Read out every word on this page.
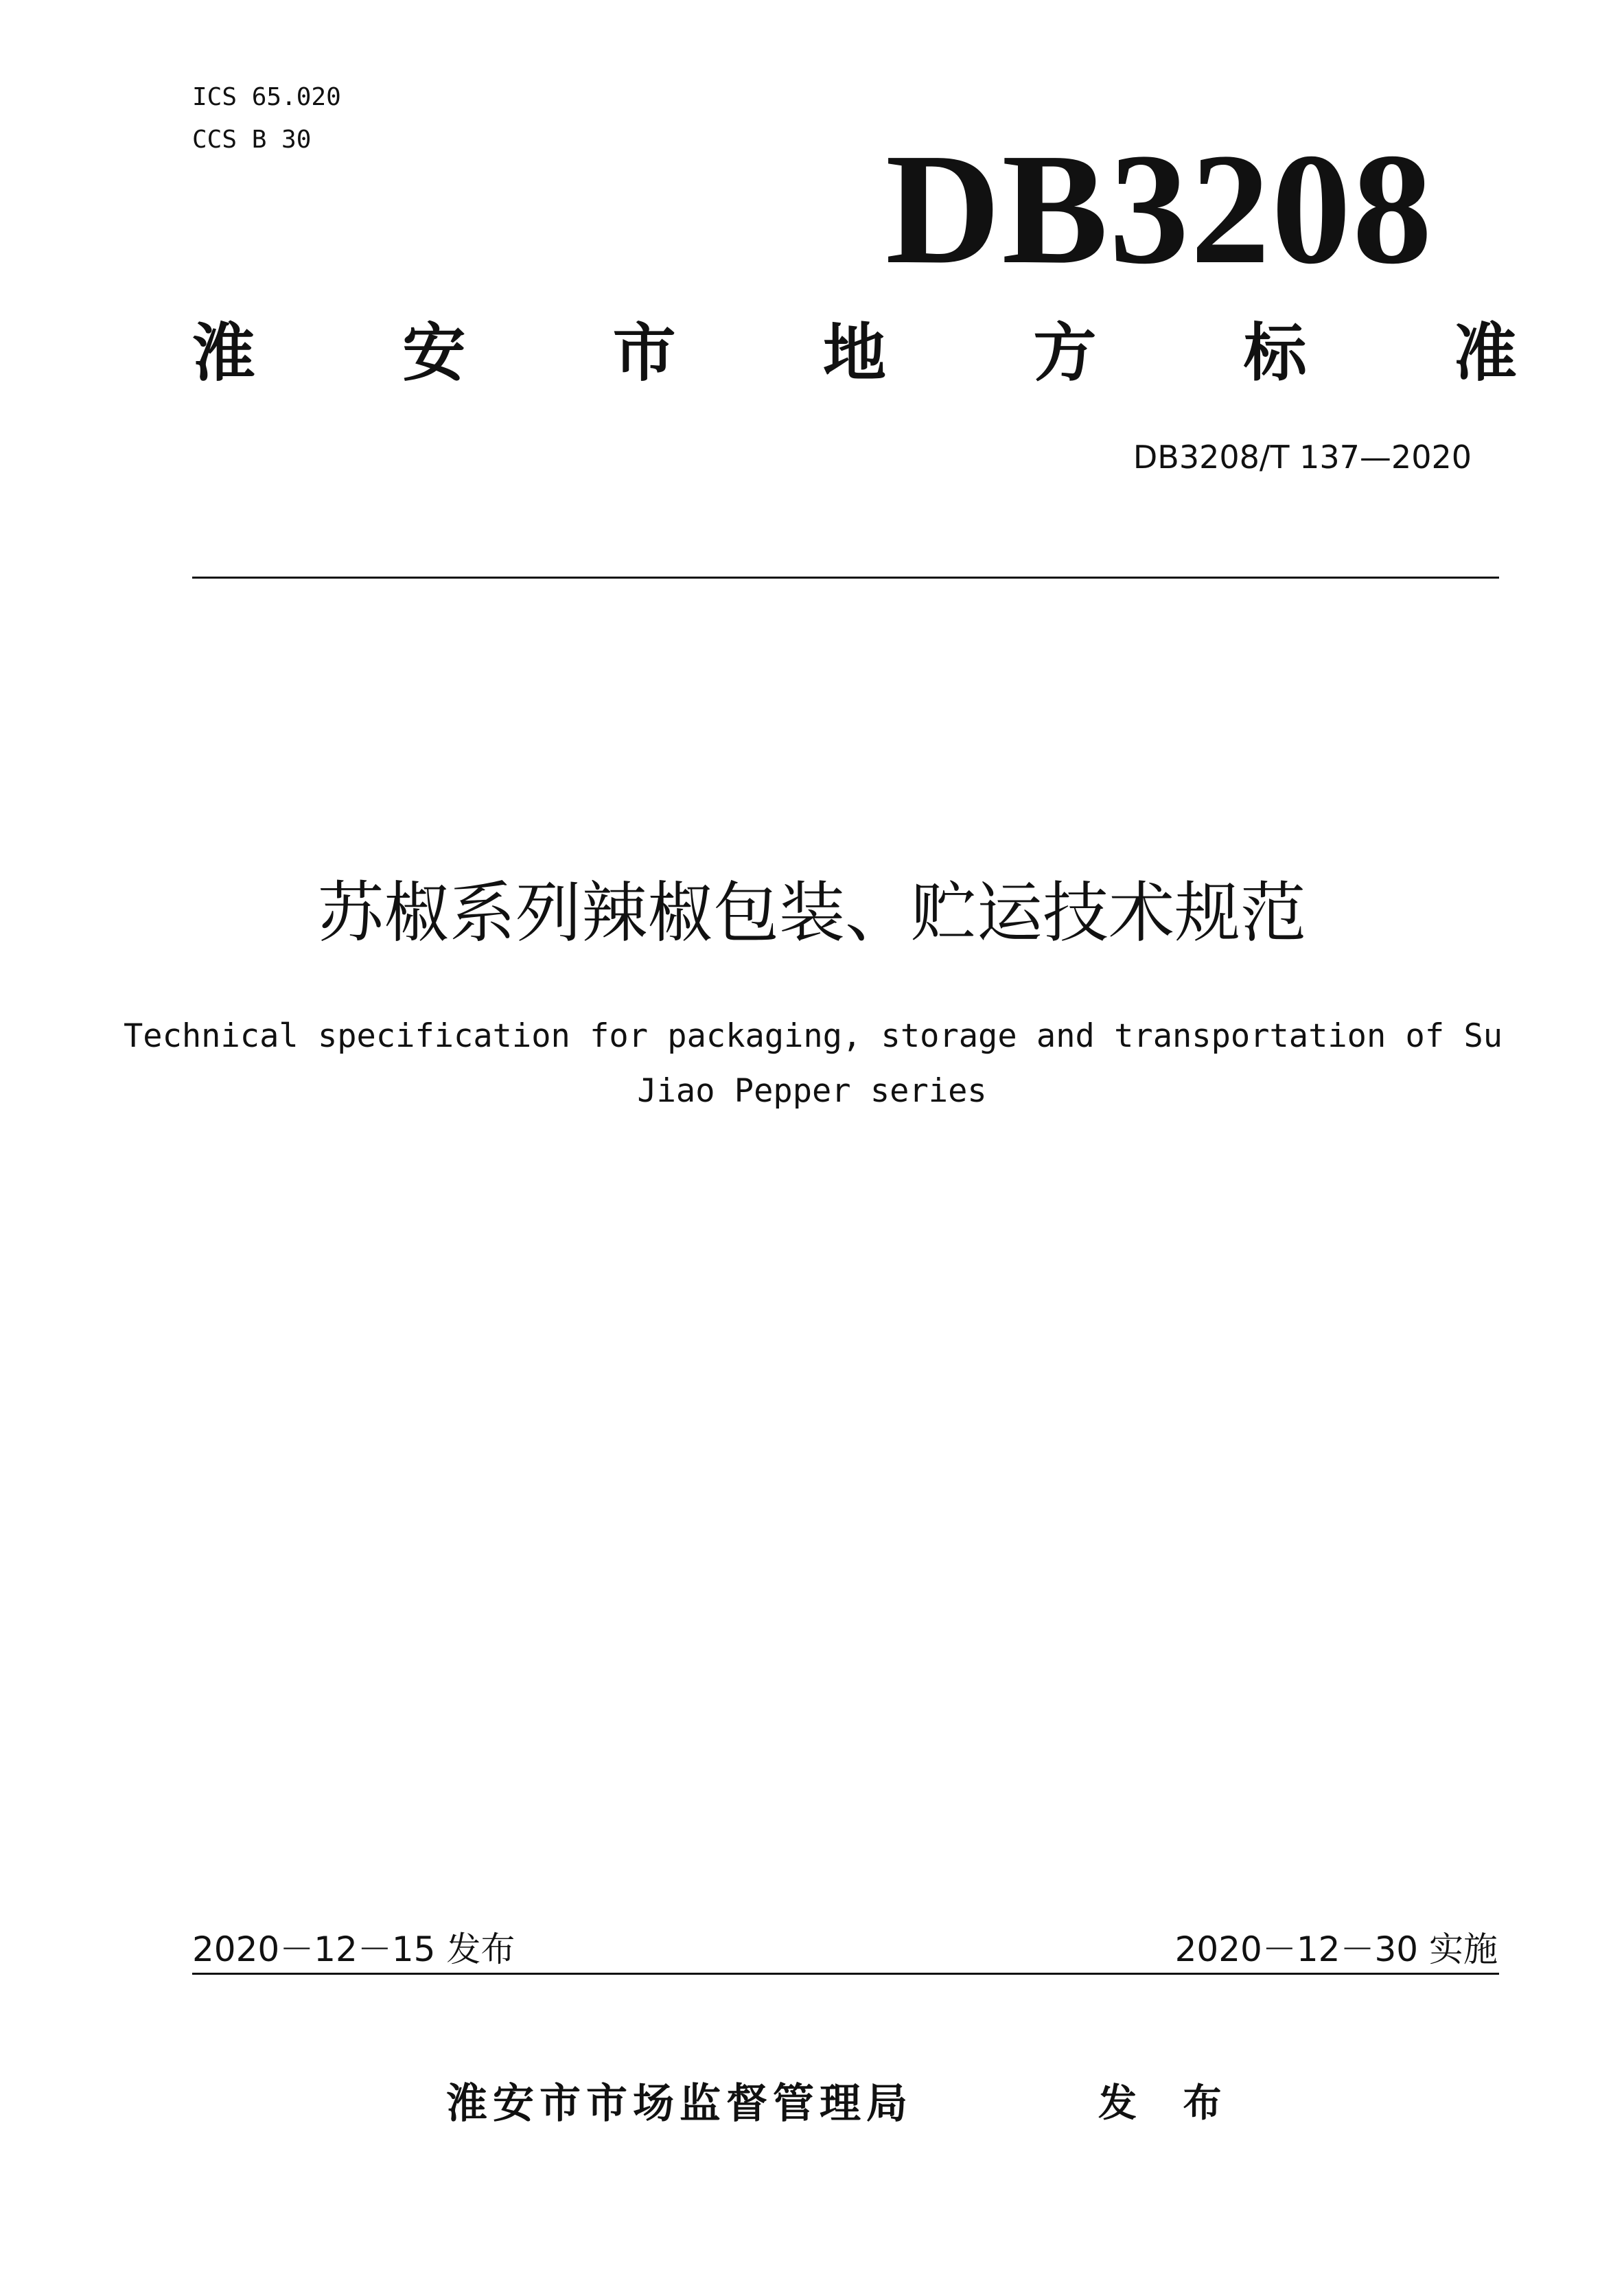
ICS 65.020
CCS B 30	DB3208
淮 安 市 地 方 标 准
DB3208/T 137—2020
苏椒系列辣椒包装、贮运技术规范
Technical specification for packaging, storage and transportation of Su
Jiao Pepper series
2020－12－15 发布	2020－12－30 实施
淮安市市场监督管理局	发 布
